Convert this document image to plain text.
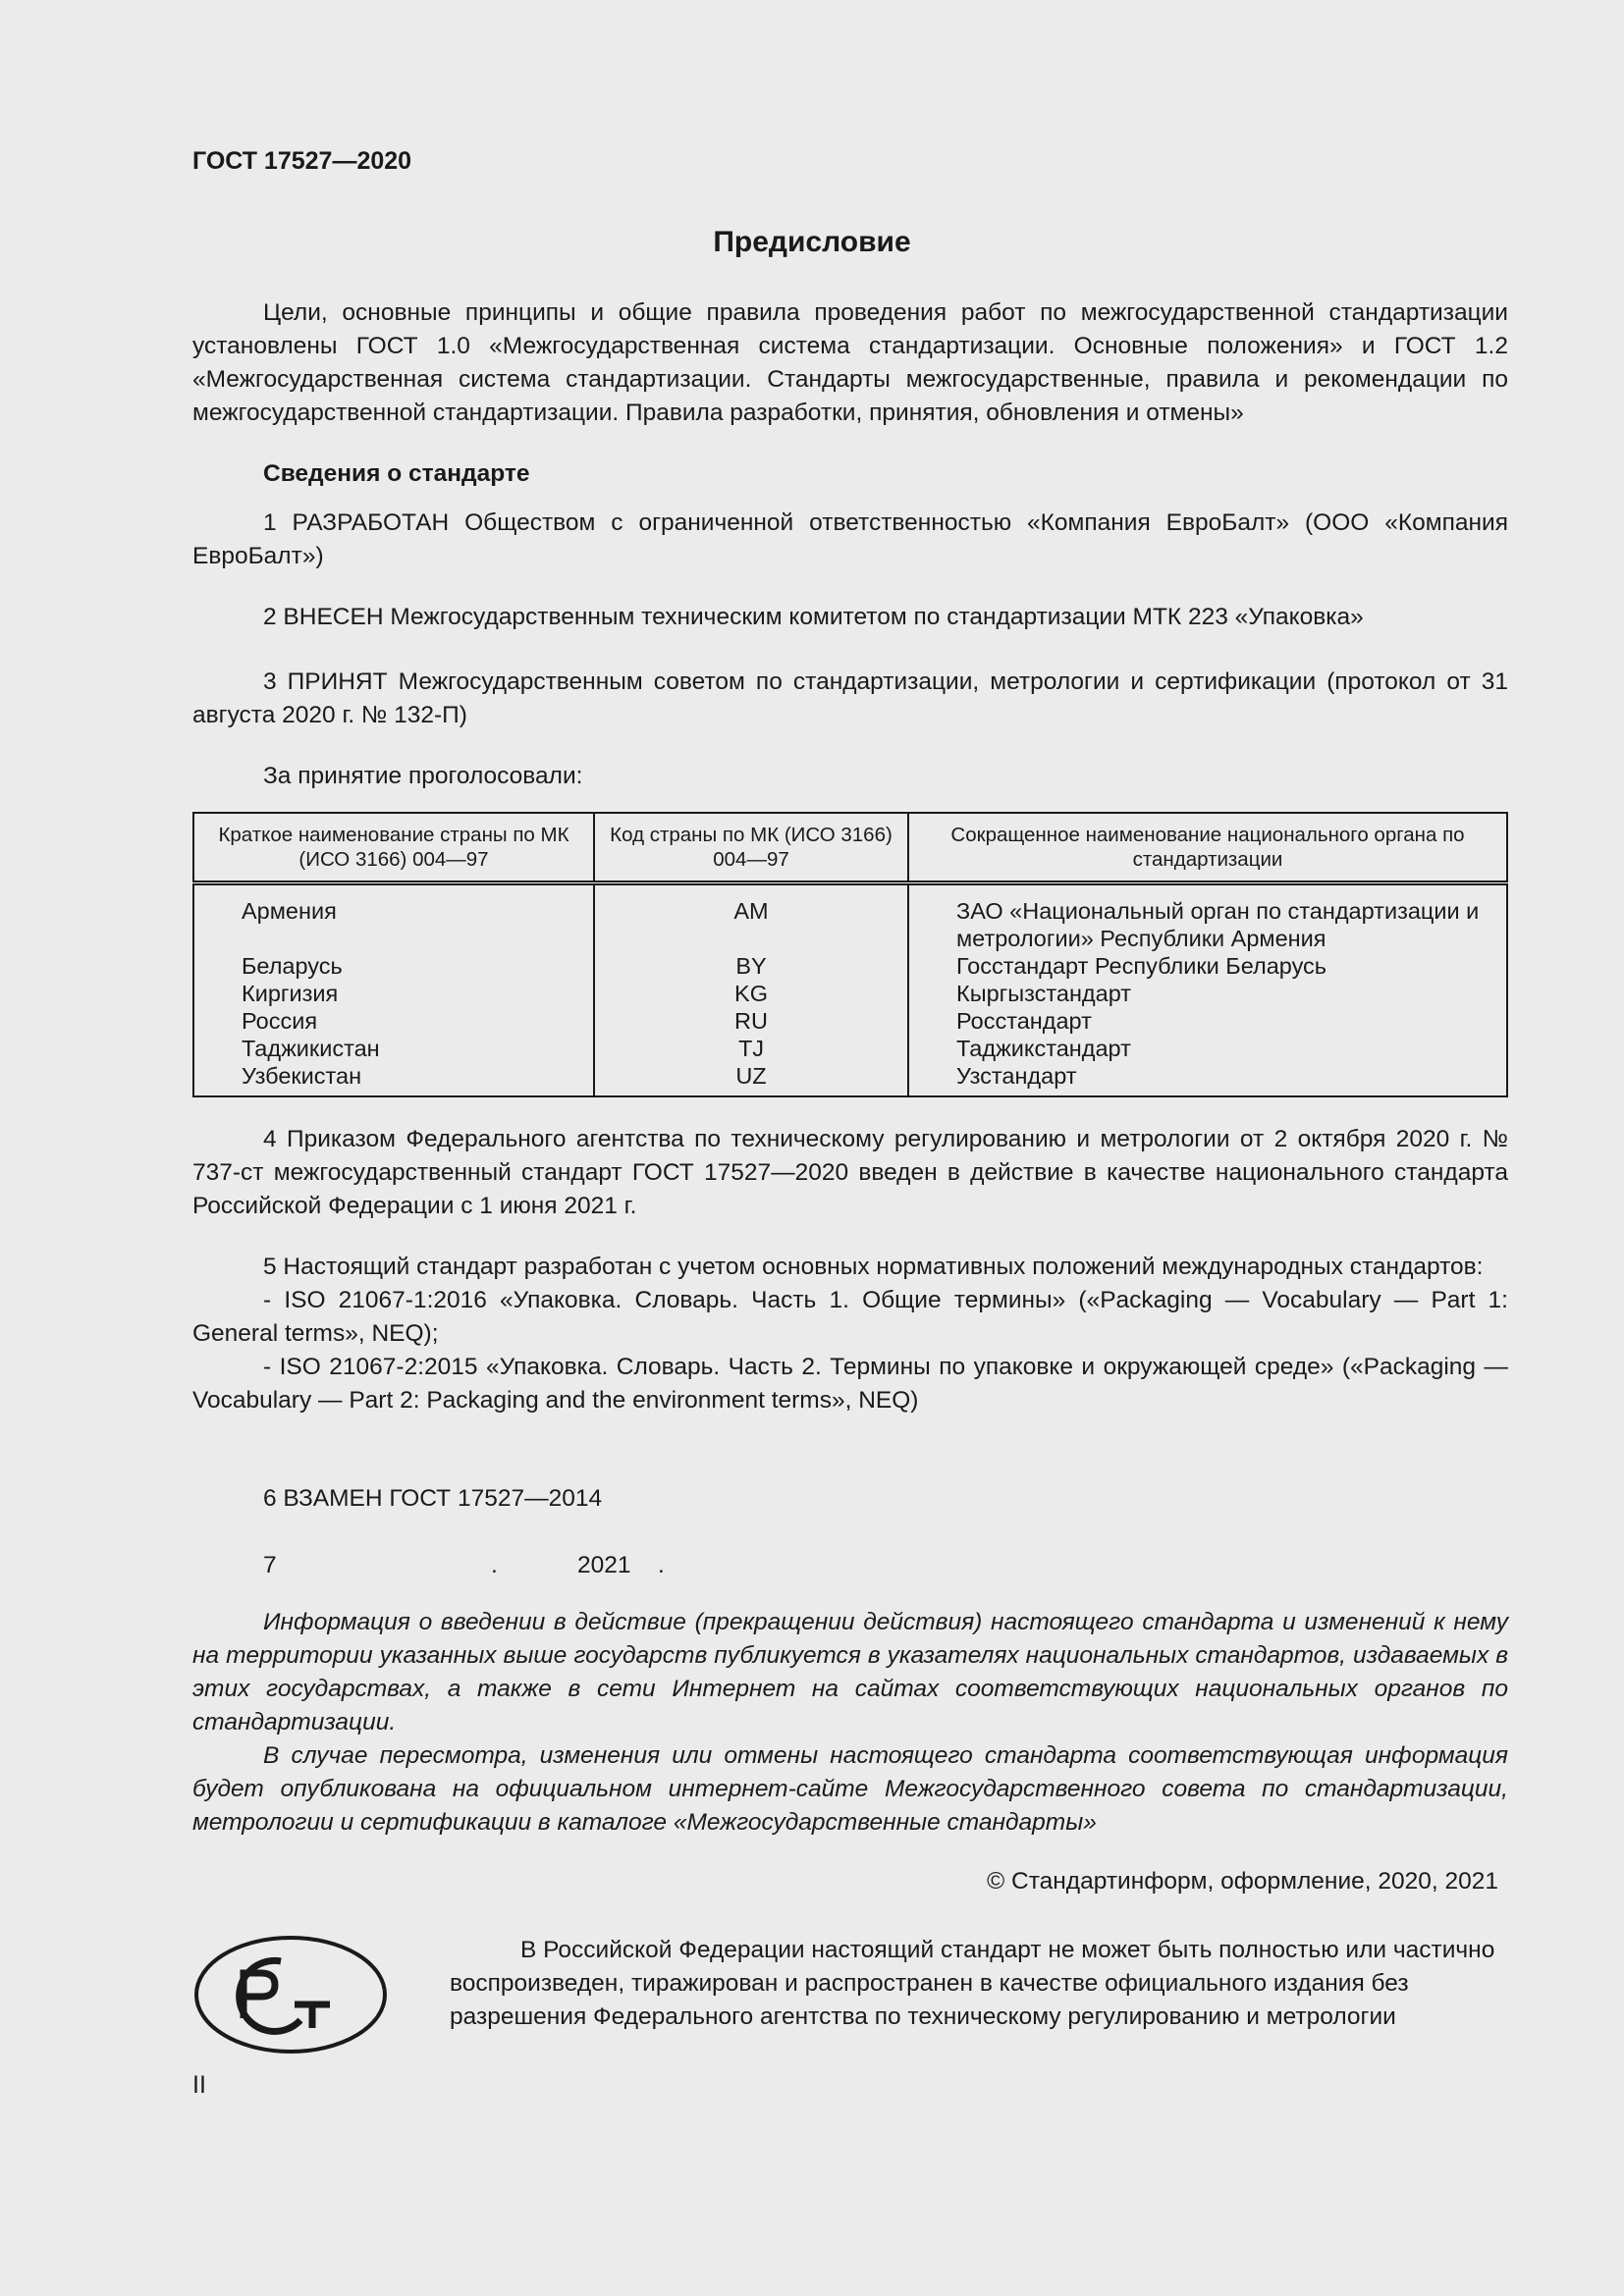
ГОСТ 17527—2020
Предисловие

Цели, основные принципы и общие правила проведения работ по межгосударственной стандартизации установлены ГОСТ 1.0 «Межгосударственная система стандартизации. Основные положения» и ГОСТ 1.2 «Межгосударственная система стандартизации. Стандарты межгосударственные, правила и рекомендации по межгосударственной стандартизации. Правила разработки, принятия, обновления и отмены»

Сведения о стандарте

1 РАЗРАБОТАН Обществом с ограниченной ответственностью «Компания ЕвроБалт» (ООО «Компания ЕвроБалт»)

2 ВНЕСЕН Межгосударственным техническим комитетом по стандартизации МТК 223 «Упаковка»

3 ПРИНЯТ Межгосударственным советом по стандартизации, метрологии и сертификации (протокол от 31 августа 2020 г. № 132-П)

За принятие проголосовали:
Краткое наименование страны по МК (ИСО 3166) 004—97	Код страны по МК (ИСО 3166) 004—97	Сокращенное наименование национального органа по стандартизации
Армения	AM	ЗАО «Национальный орган по стандартизации и метрологии» Республики Армения
Беларусь	BY	Госстандарт Республики Беларусь
Киргизия	KG	Кыргызстандарт
Россия	RU	Росстандарт
Таджикистан	TJ	Таджикстандарт
Узбекистан	UZ	Узстандарт

4 Приказом Федерального агентства по техническому регулированию и метрологии от 2 октября 2020 г. № 737-ст межгосударственный стандарт ГОСТ 17527—2020 введен в действие в качестве национального стандарта Российской Федерации с 1 июня 2021 г.

5 Настоящий стандарт разработан с учетом основных нормативных положений международных стандартов:

- ISO 21067-1:2016 «Упаковка. Словарь. Часть 1. Общие термины» («Packaging — Vocabulary — Part 1: General terms», NEQ);

- ISO 21067-2:2015 «Упаковка. Словарь. Часть 2. Термины по упаковке и окружающей среде» («Packaging — Vocabulary — Part 2: Packaging and the environment terms», NEQ)

6 ВЗАМЕН ГОСТ 17527—2014
7	.	2021 .

Информация о введении в действие (прекращении действия) настоящего стандарта и изменений к нему на территории указанных выше государств публикуется в указателях национальных стандартов, издаваемых в этих государствах, а также в сети Интернет на сайтах соответствующих национальных органов по стандартизации.

В случае пересмотра, изменения или отмены настоящего стандарта соответствующая информация будет опубликована на официальном интернет-сайте Межгосударственного совета по стандартизации, метрологии и сертификации в каталоге «Межгосударственные стандарты»

© Стандартинформ, оформление, 2020, 2021

В Российской Федерации настоящий стандарт не может быть полностью или частично воспроизведен, тиражирован и распространен в качестве официального издания без разрешения Федерального агентства по техническому регулированию и метрологии

II
